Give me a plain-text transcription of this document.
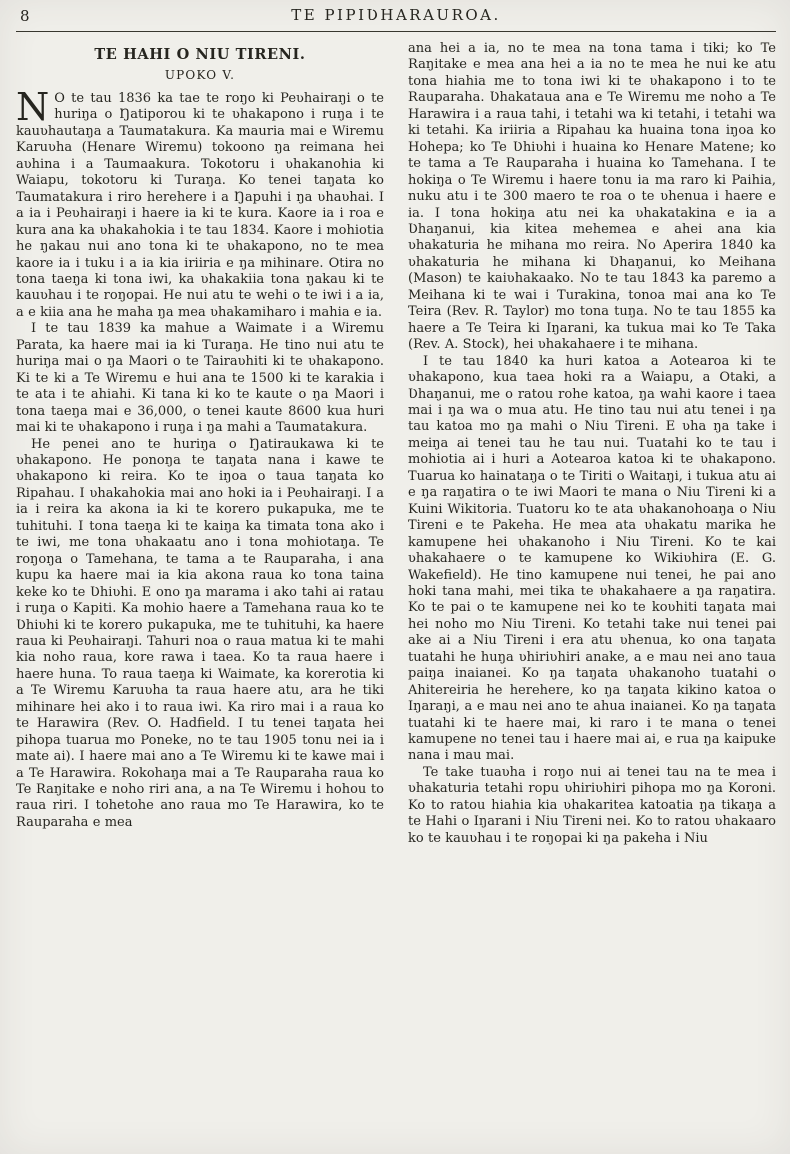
8	TE PIPIƲHARAUROA.
TE HAHI O NIU TIRENI.
UPOKO V.

N O te tau 1836 ka tae te roŋo ki Peʋhairaŋi o te huriŋa o Ŋatiporou ki te ʋhakapono i ruŋa i te kauʋhautaŋa a Taumatakura. Ka mauria mai e Wiremu Karuʋha (Henare Wiremu) tokoono ŋa reimana hei aʋhina i a Taumaakura. Tokotoru i ʋhakanohia ki Waiapu, tokotoru ki Turaŋa. Ko tenei taŋata ko Taumatakura i riro herehere i a Ŋapuhi i ŋa ʋhaʋhai. I a ia i Peʋhairaŋi i haere ia ki te kura. Kaore ia i roa e kura ana ka ʋhakahokia i te tau 1834. Kaore i mohiotia he ŋakau nui ano tona ki te ʋhakapono, no te mea kaore ia i tuku i a ia kia iriiria e ŋa mihinare. Otira no tona taeŋa ki tona iwi, ka ʋhakakiia tona ŋakau ki te kauʋhau i te roŋopai. He nui atu te wehi o te iwi i a ia, a e kiia ana he maha ŋa mea ʋhakamiharo i mahia e ia.

I te tau 1839 ka mahue a Waimate i a Wiremu Parata, ka haere mai ia ki Turaŋa. He tino nui atu te huriŋa mai o ŋa Maori o te Tairaʋhiti ki te ʋhakapono. Ki te ki a Te Wiremu e hui ana te 1500 ki te karakia i te ata i te ahiahi. Ki tana ki ko te kaute o ŋa Maori i tona taeŋa mai e 36,000, o tenei kaute 8600 kua huri mai ki te ʋhakapono i ruŋa i ŋa mahi a Taumatakura.

He penei ano te huriŋa o Ŋatiraukawa ki te ʋhakapono. He ponoŋa te taŋata nana i kawe te ʋhakapono ki reira. Ko te iŋoa o taua taŋata ko Ripahau. I ʋhakahokia mai ano hoki ia i Peʋhairaŋi. I a ia i reira ka akona ia ki te korero pukapuka, me te tuhituhi. I tona taeŋa ki te kaiŋa ka timata tona ako i te iwi, me tona ʋhakaatu ano i tona mohiotaŋa. Te roŋoŋa o Tamehana, te tama a te Rauparaha, i ana kupu ka haere mai ia kia akona raua ko tona taina keke ko te Ʋhiʋhi. E ono ŋa marama i ako tahi ai ratau i ruŋa o Kapiti. Ka mohio haere a Tamehana raua ko te Ʋhiʋhi ki te korero pukapuka, me te tuhituhi, ka haere raua ki Peʋhairaŋi. Tahuri noa o raua matua ki te mahi kia noho raua, kore rawa i taea. Ko ta raua haere i haere huna. To raua taeŋa ki Waimate, ka korerotia ki a Te Wiremu Karuʋha ta raua haere atu, ara he tiki mihinare hei ako i to raua iwi. Ka riro mai i a raua ko te Harawira (Rev. O. Hadfield. I tu tenei taŋata hei pihopa tuarua mo Poneke, no te tau 1905 tonu nei ia i mate ai). I haere mai ano a Te Wiremu ki te kawe mai i a Te Harawira. Rokohaŋa mai a Te Rauparaha raua ko Te Raŋitake e noho riri ana, a na Te Wiremu i hohou to raua riri. I tohetohe ano raua mo Te Harawira, ko te Rauparaha e mea

ana hei a ia, no te mea na tona tama i tiki; ko Te Raŋitake e mea ana hei a ia no te mea he nui ke atu tona hiahia me to tona iwi ki te ʋhakapono i to te Rauparaha. Ʋhakataua ana e Te Wiremu me noho a Te Harawira i a raua tahi, i tetahi wa ki tetahi, i tetahi wa ki tetahi. Ka iriiria a Ripahau ka huaina tona iŋoa ko Hohepa; ko Te Ʋhiʋhi i huaina ko Henare Matene; ko te tama a Te Rauparaha i huaina ko Tamehana. I te hokiŋa o Te Wiremu i haere tonu ia ma raro ki Paihia, nuku atu i te 300 maero te roa o te ʋhenua i haere e ia. I tona hokiŋa atu nei ka ʋhakatakina e ia a Ʋhaŋanui, kia kitea mehemea e ahei ana kia ʋhakaturia he mihana mo reira. No Aperira 1840 ka ʋhakaturia he mihana ki Ʋhaŋanui, ko Meihana (Mason) te kaiʋhakaako. No te tau 1843 ka paremo a Meihana ki te wai i Turakina, tonoa mai ana ko Te Teira (Rev. R. Taylor) mo tona tuŋa. No te tau 1855 ka haere a Te Teira ki Iŋarani, ka tukua mai ko Te Taka (Rev. A. Stock), hei ʋhakahaere i te mihana.

I te tau 1840 ka huri katoa a Aotearoa ki te ʋhakapono, kua taea hoki ra a Waiapu, a Otaki, a Ʋhaŋanui, me o ratou rohe katoa, ŋa wahi kaore i taea mai i ŋa wa o mua atu. He tino tau nui atu tenei i ŋa tau katoa mo ŋa mahi o Niu Tireni. E ʋha ŋa take i meiŋa ai tenei tau he tau nui. Tuatahi ko te tau i mohiotia ai i huri a Aotearoa katoa ki te ʋhakapono. Tuarua ko hainataŋa o te Tiriti o Waitaŋi, i tukua atu ai e ŋa raŋatira o te iwi Maori te mana o Niu Tireni ki a Kuini Wikitoria. Tuatoru ko te ata ʋhakanohoaŋa o Niu Tireni e te Pakeha. He mea ata ʋhakatu marika he kamupene hei ʋhakanoho i Niu Tireni. Ko te kai ʋhakahaere o te kamupene ko Wikiʋhira (E. G. Wakefield). He tino kamupene nui tenei, he pai ano hoki tana mahi, mei tika te ʋhakahaere a ŋa raŋatira. Ko te pai o te kamupene nei ko te koʋhiti taŋata mai hei noho mo Niu Tireni. Ko tetahi take nui tenei pai ake ai a Niu Tireni i era atu ʋhenua, ko ona taŋata tuatahi he huŋa ʋhiriʋhiri anake, a e mau nei ano taua paiŋa inaianei. Ko ŋa taŋata ʋhakanoho tuatahi o Ahitereiria he herehere, ko ŋa taŋata kikino katoa o Iŋaraŋi, a e mau nei ano te ahua inaianei. Ko ŋa taŋata tuatahi ki te haere mai, ki raro i te mana o tenei kamupene no tenei tau i haere mai ai, e rua ŋa kaipuke nana i mau mai.

Te take tuaʋha i roŋo nui ai tenei tau na te mea i ʋhakaturia tetahi ropu ʋhiriʋhiri pihopa mo ŋa Koroni. Ko to ratou hiahia kia ʋhakaritea katoatia ŋa tikaŋa a te Hahi o Iŋarani i Niu Tireni nei. Ko to ratou ʋhakaaro ko te kauʋhau i te roŋopai ki ŋa pakeha i Niu
